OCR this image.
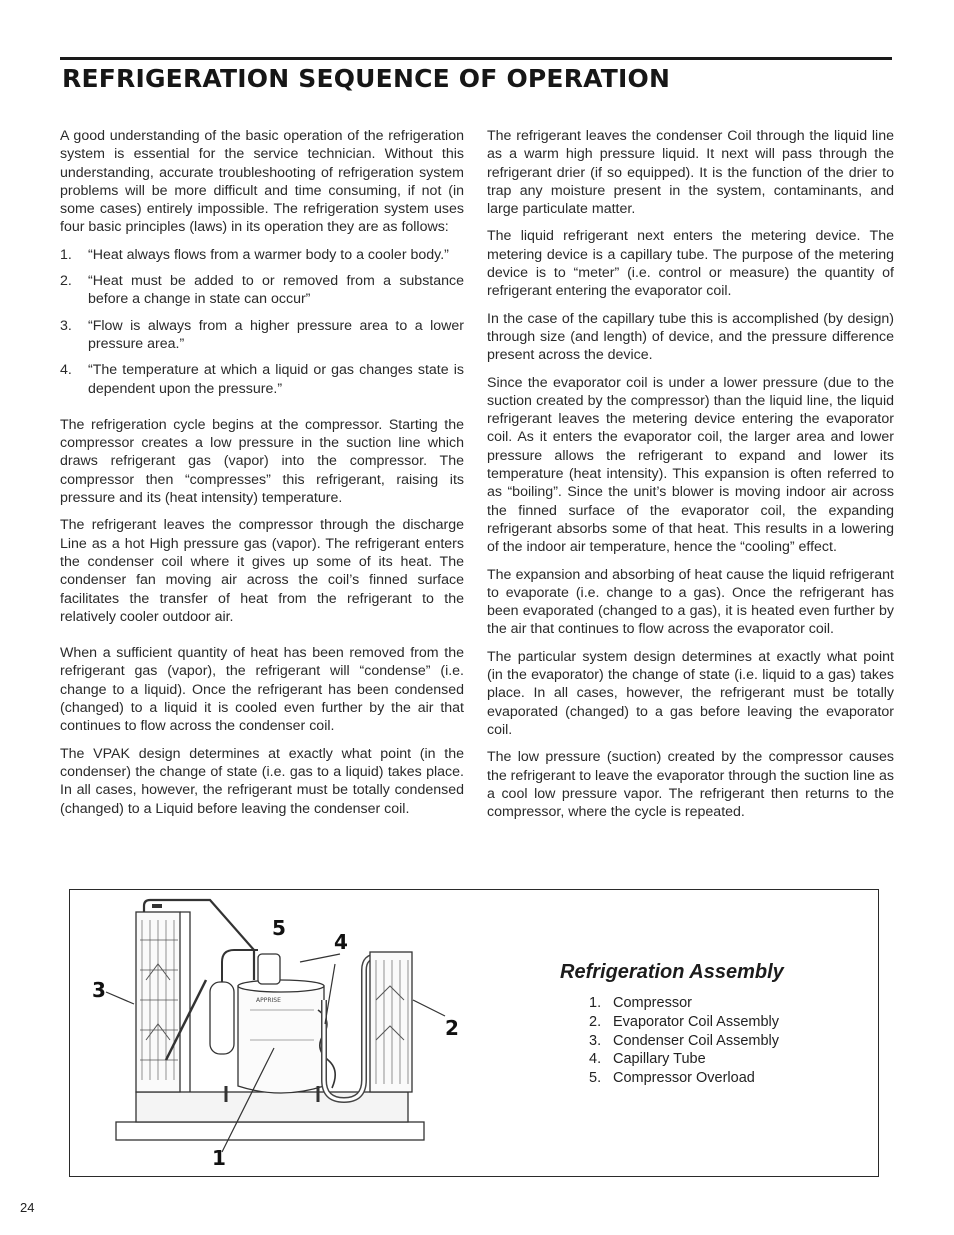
REFRIGERATION SEQUENCE OF OPERATION

A good understanding of the basic operation of the refrigeration system is essential for the service technician. Without this understanding, accurate troubleshooting of refrigeration system problems will be more difficult and time consuming, if not (in some cases) entirely impossible. The refrigeration system uses four basic principles (laws) in its operation they are as follows:

1.	“Heat always flows from a warmer body to a cooler body.”
2.	“Heat must be added to or removed from a substance before a change in state can occur”
3.	“Flow is always from a higher pressure area to a lower pressure area.”
4.	“The temperature at which a liquid or gas changes state is dependent upon the pressure.”

The refrigeration cycle begins at the compressor. Starting the compressor creates a low pressure in the suction line which draws refrigerant gas (vapor) into the compressor. The compressor then “compresses” this refrigerant, raising its pressure and its (heat intensity) temperature.

The refrigerant leaves the compressor through the discharge Line as a hot High pressure gas (vapor). The refrigerant enters the condenser coil where it gives up some of its heat. The condenser fan moving air across the coil’s finned surface facilitates the transfer of heat from the refrigerant to the relatively cooler outdoor air.

When a sufficient quantity of heat has been removed from the refrigerant gas (vapor), the refrigerant will “condense” (i.e. change to a liquid). Once the refrigerant has been condensed (changed) to a liquid it is cooled even further by the air that continues to flow across the condenser coil.

The VPAK design determines at exactly what point (in the condenser) the change of state (i.e. gas to a liquid) takes place. In all cases, however, the refrigerant must be totally condensed (changed) to a Liquid before leaving the condenser coil.

The refrigerant leaves the condenser Coil through the liquid line as a warm high pressure liquid. It next will pass through the refrigerant drier (if so equipped). It is the function of the drier to trap any moisture present in the system, contaminants, and large particulate matter.

The liquid refrigerant next enters the metering device. The metering device is a capillary tube. The purpose of the metering device is to “meter” (i.e. control or measure) the quantity of refrigerant entering the evaporator coil.

In the case of the capillary tube this is accomplished (by design) through size (and length) of device, and the pressure difference present across the device.

Since the evaporator coil is under a lower pressure (due to the suction created by the compressor) than the liquid line, the liquid refrigerant leaves the metering device entering the evaporator coil. As it enters the evaporator coil, the larger area and lower pressure allows the refrigerant to expand and lower its temperature (heat intensity). This expansion is often referred to as “boiling”. Since the unit’s blower is moving indoor air across the finned surface of the evaporator coil, the expanding refrigerant absorbs some of that heat. This results in a lowering of the indoor air temperature, hence the “cooling” effect.

The expansion and absorbing of heat cause the liquid refrigerant to evaporate (i.e. change to a gas). Once the refrigerant has been evaporated (changed to a gas), it is heated even further by the air that continues to flow across the evaporator coil.

The particular system design determines at exactly what point (in the evaporator) the change of state (i.e. liquid to a gas) takes place. In all cases, however, the refrigerant must be totally evaporated (changed) to a gas before leaving the evaporator coil.

The low pressure (suction) created by the compressor causes the refrigerant to leave the evaporator through the suction line as a cool low pressure vapor. The refrigerant then returns to the compressor, where the cycle is repeated.

APPRISE
3
2
1
4
5
Refrigeration Assembly
1. Compressor
2. Evaporator Coil Assembly
3. Condenser Coil Assembly
4. Capillary Tube
5. Compressor Overload
24
